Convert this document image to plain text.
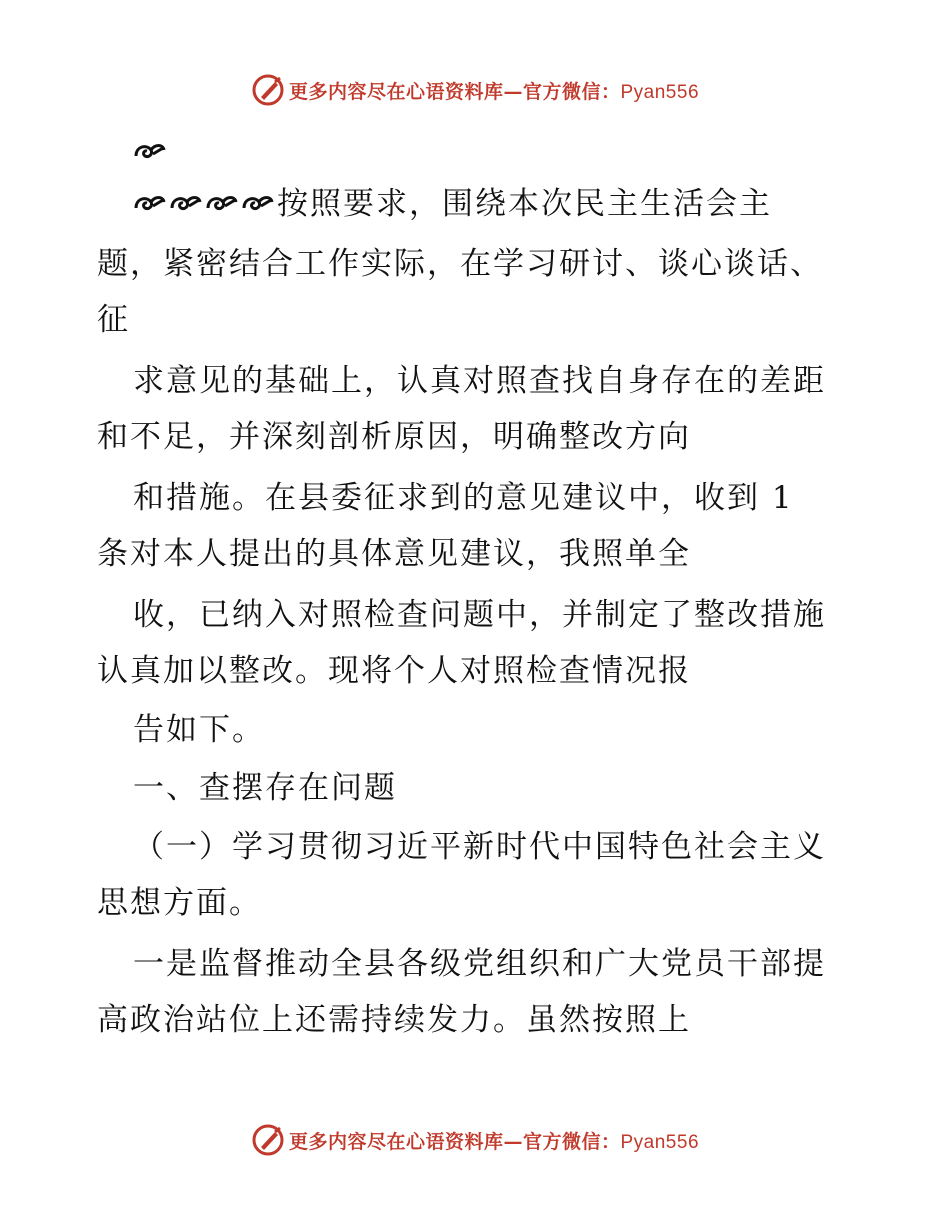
更多内容尽在心语资料库—官方微信：Pyan556
按照要求，围绕本次民主生活会主
题，紧密结合工作实际，在学习研讨、谈心谈话、
征
求意见的基础上，认真对照查找自身存在的差距
和不足，并深刻剖析原因，明确整改方向
和措施。在县委征求到的意见建议中，收到 1
条对本人提出的具体意见建议，我照单全
收，已纳入对照检查问题中，并制定了整改措施
认真加以整改。现将个人对照检查情况报
告如下。
一、查摆存在问题
（一）学习贯彻习近平新时代中国特色社会主义
思想方面。
一是监督推动全县各级党组织和广大党员干部提
高政治站位上还需持续发力。虽然按照上
更多内容尽在心语资料库—官方微信：Pyan556
